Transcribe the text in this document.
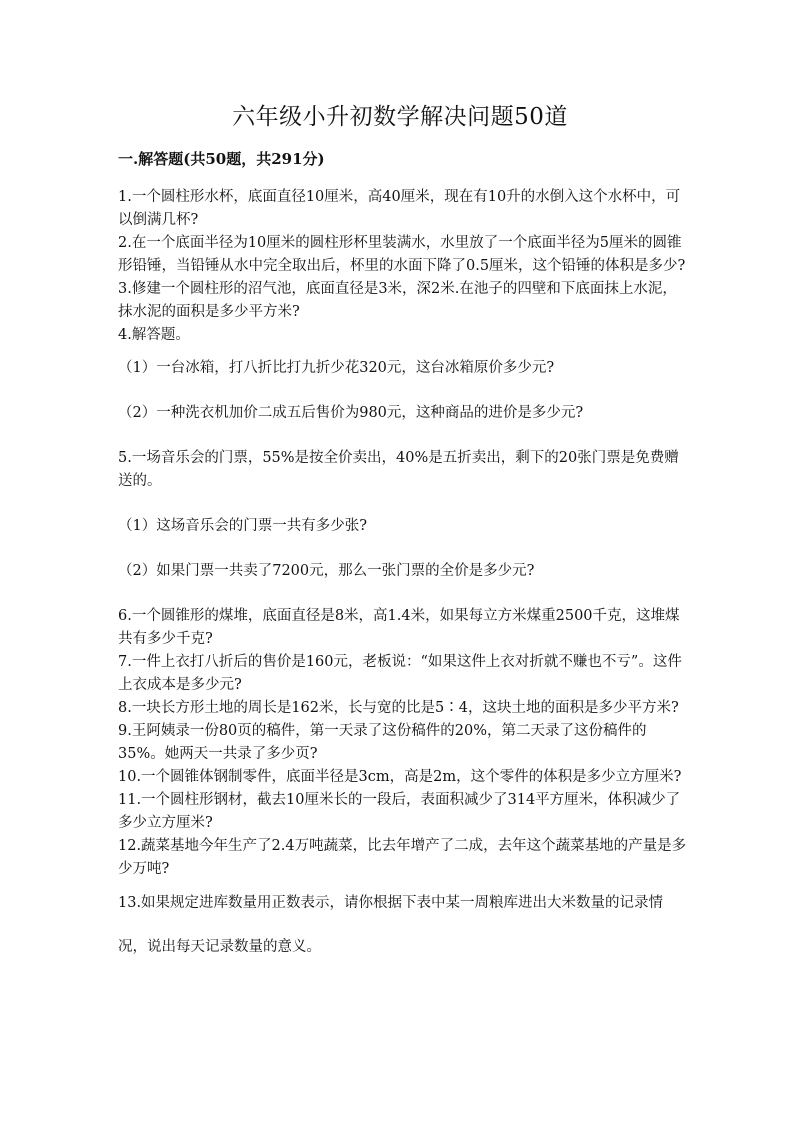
六年级小升初数学解决问题50道
一.解答题(共50题，共291分)

1.一个圆柱形水杯，底面直径10厘米，高40厘米，现在有10升的水倒入这个水杯中，可以倒满几杯?

2.在一个底面半径为10厘米的圆柱形杯里装满水，水里放了一个底面半径为5厘米的圆锥形铅锤，当铅锤从水中完全取出后，杯里的水面下降了0.5厘米，这个铅锤的体积是多少?

3.修建一个圆柱形的沼气池，底面直径是3米，深2米.在池子的四壁和下底面抹上水泥，抹水泥的面积是多少平方米?

4.解答题。

（1）一台冰箱，打八折比打九折少花320元，这台冰箱原价多少元?

（2）一种洗衣机加价二成五后售价为980元，这种商品的进价是多少元?

5.一场音乐会的门票，55%是按全价卖出，40%是五折卖出，剩下的20张门票是免费赠送的。

（1）这场音乐会的门票一共有多少张?

（2）如果门票一共卖了7200元，那么一张门票的全价是多少元?

6.一个圆锥形的煤堆，底面直径是8米，高1.4米，如果每立方米煤重2500千克，这堆煤共有多少千克?

7.一件上衣打八折后的售价是160元，老板说：“如果这件上衣对折就不赚也不亏”。这件上衣成本是多少元?

8.一块长方形土地的周长是162米，长与宽的比是5∶4，这块土地的面积是多少平方米?

9.王阿姨录一份80页的稿件，第一天录了这份稿件的20%，第二天录了这份稿件的35%。她两天一共录了多少页?

10.一个圆锥体钢制零件，底面半径是3cm，高是2m，这个零件的体积是多少立方厘米?

11.一个圆柱形钢材，截去10厘米长的一段后，表面积减少了314平方厘米，体积减少了多少立方厘米?

12.蔬菜基地今年生产了2.4万吨蔬菜，比去年增产了二成，去年这个蔬菜基地的产量是多少万吨?

13.如果规定进库数量用正数表示，请你根据下表中某一周粮库进出大米数量的记录情况，说出每天记录数量的意义。
